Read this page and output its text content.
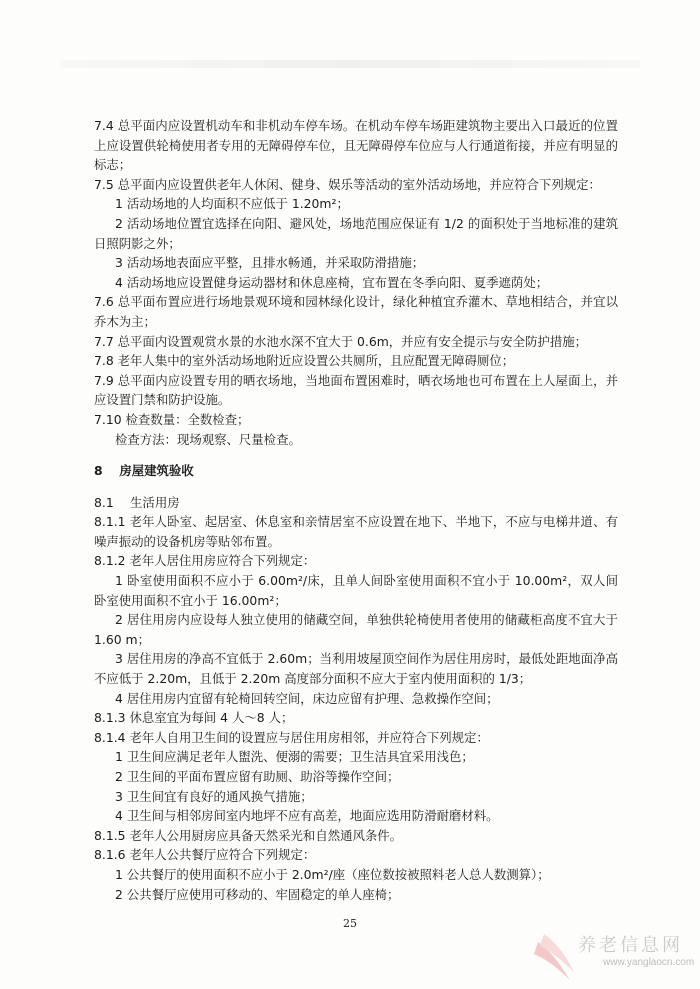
7.4 总平面内应设置机动车和非机动车停车场。在机动车停车场距建筑物主要出入口最近的位置上应设置供轮椅使用者专用的无障碍停车位，且无障碍停车位应与人行通道衔接，并应有明显的标志；

7.5 总平面内应设置供老年人休闲、健身、娱乐等活动的室外活动场地，并应符合下列规定：

1 活动场地的人均面积不应低于 1.20m²；

2 活动场地位置宜选择在向阳、避风处，场地范围应保证有 1/2 的面积处于当地标准的建筑日照阴影之外；

3 活动场地表面应平整，且排水畅通，并采取防滑措施；

4 活动场地应设置健身运动器材和休息座椅，宜布置在冬季向阳、夏季遮荫处；

7.6 总平面布置应进行场地景观环境和园林绿化设计，绿化种植宜乔灌木、草地相结合，并宜以乔木为主；

7.7 总平面内设置观赏水景的水池水深不宜大于 0.6m，并应有安全提示与安全防护措施；

7.8 老年人集中的室外活动场地附近应设置公共厕所，且应配置无障碍厕位；

7.9 总平面内应设置专用的晒衣场地，当地面布置困难时，晒衣场地也可布置在上人屋面上，并应设置门禁和防护设施。

7.10 检查数量：全数检查；

检查方法：现场观察、尺量检查。

8　 房屋建筑验收

8.1　 生活用房

8.1.1 老年人卧室、起居室、休息室和亲情居室不应设置在地下、半地下，不应与电梯井道、有噪声振动的设备机房等贴邻布置。

8.1.2 老年人居住用房应符合下列规定：

1 卧室使用面积不应小于 6.00m²/床，且单人间卧室使用面积不宜小于 10.00m²，双人间卧室使用面积不宜小于 16.00m²；

2 居住用房内应设每人独立使用的储藏空间，单独供轮椅使用者使用的储藏柜高度不宜大于 1.60 m；

3 居住用房的净高不宜低于 2.60m；当利用坡屋顶空间作为居住用房时，最低处距地面净高不应低于 2.20m，且低于 2.20m 高度部分面积不应大于室内使用面积的 1/3；

4 居住用房内宜留有轮椅回转空间，床边应留有护理、急救操作空间；

8.1.3 休息室宜为每间 4 人～8 人；

8.1.4 老年人自用卫生间的设置应与居住用房相邻，并应符合下列规定：

1 卫生间应满足老年人盥洗、便溺的需要；卫生洁具宜采用浅色；

2 卫生间的平面布置应留有助厕、助浴等操作空间；

3 卫生间宜有良好的通风换气措施；

4 卫生间与相邻房间室内地坪不应有高差，地面应选用防滑耐磨材料。

8.1.5 老年人公用厨房应具备天然采光和自然通风条件。

8.1.6 老年人公共餐厅应符合下列规定：

1 公共餐厅的使用面积不应小于 2.0m²/座（座位数按被照料老人总人数测算）；

2 公共餐厅应使用可移动的、牢固稳定的单人座椅；

25
养老信息网
www.yanglaocn.com
